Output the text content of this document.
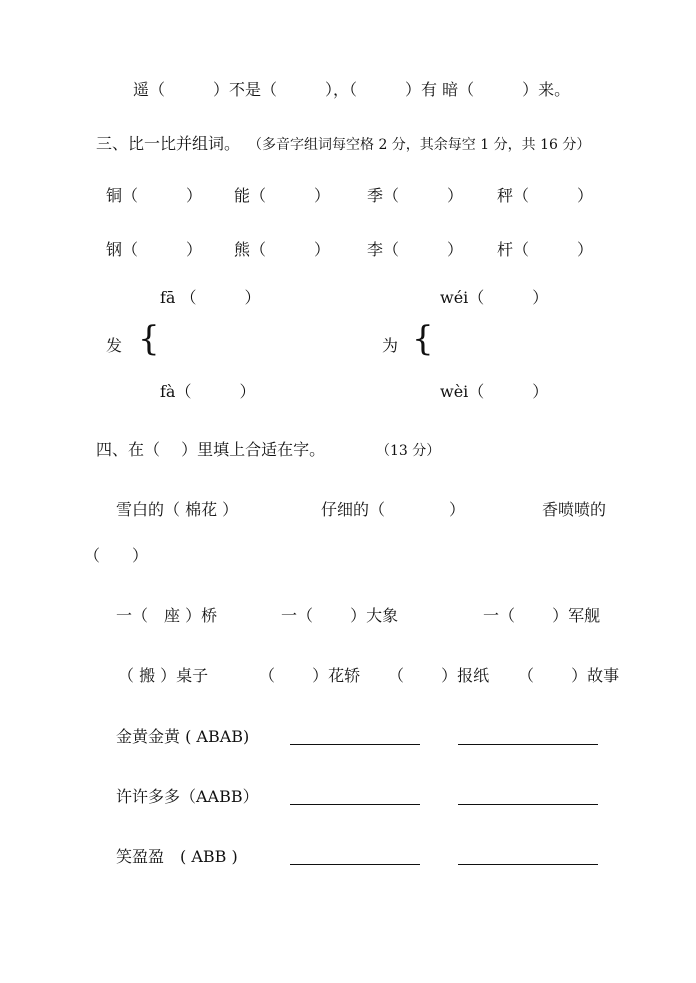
遥（　　　）不是（　　　），（　　　）有 暗（　　　）来。
三、比一比并组词。 （多音字组词每空格 2 分，其余每空 1 分，共 16 分）
铜（　　　） 能（　　　） 季（　　　） 秤（　　　）
钢（　　　） 熊（　　　） 李（　　　） 杆（　　　）
fā （　　　）
发 {
fà（　　　）
wéi（　　　）
为 {
wèi（　　　）
四、在（　 ）里填上合适在字。	（13 分）
雪白的（ 棉花 ）	仔细的（　　　　）	香喷喷的
（　　）
一（　座 ）桥	一（　　 ）大象	一（　　 ）军舰
（ 搬 ）桌子	（　　 ）花轿 （　　 ）报纸 （　　 ）故事
金黄金黄 ( ABAB)
许许多多（AABB）
笑盈盈　( ABB )
